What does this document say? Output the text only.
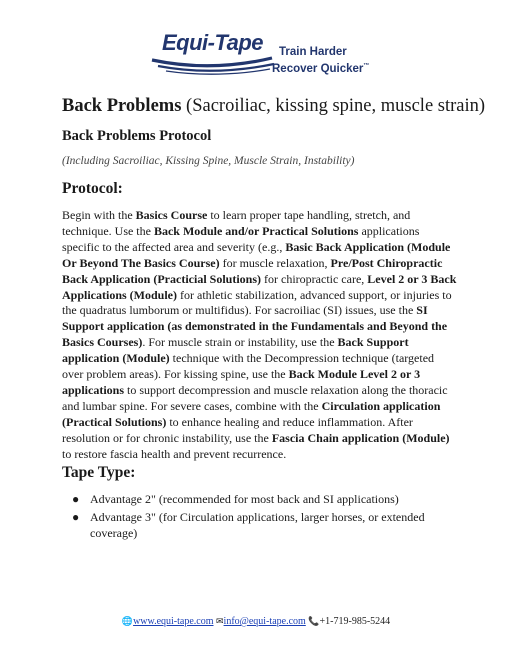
Equi-Tape Train Harder
Recover Quicker™
Back Problems (Sacroiliac, kissing spine, muscle strain)
Back Problems Protocol
(Including Sacroiliac, Kissing Spine, Muscle Strain, Instability)
Protocol:
Begin with the Basics Course to learn proper tape handling, stretch, and technique. Use the Back Module and/or Practical Solutions applications specific to the affected area and severity (e.g., Basic Back Application (Module Or Beyond The Basics Course) for muscle relaxation, Pre/Post Chiropractic Back Application (Practicial Solutions) for chiropractic care, Level 2 or 3 Back Applications (Module) for athletic stabilization, advanced support, or injuries to the quadratus lumborum or multifidus). For sacroiliac (SI) issues, use the SI Support application (as demonstrated in the Fundamentals and Beyond the Basics Courses). For muscle strain or instability, use the Back Support application (Module) technique with the Decompression technique (targeted over problem areas). For kissing spine, use the Back Module Level 2 or 3 applications to support decompression and muscle relaxation along the thoracic and lumbar spine. For severe cases, combine with the Circulation application (Practical Solutions) to enhance healing and reduce inflammation. After resolution or for chronic instability, use the Fascia Chain application (Module) to restore fascia health and prevent recurrence.
Tape Type:
● Advantage 2" (recommended for most back and SI applications)
● Advantage 3" (for Circulation applications, larger horses, or extended coverage)
🌐www.equi-tape.com ✉info@equi-tape.com 📞+1-719-985-5244
